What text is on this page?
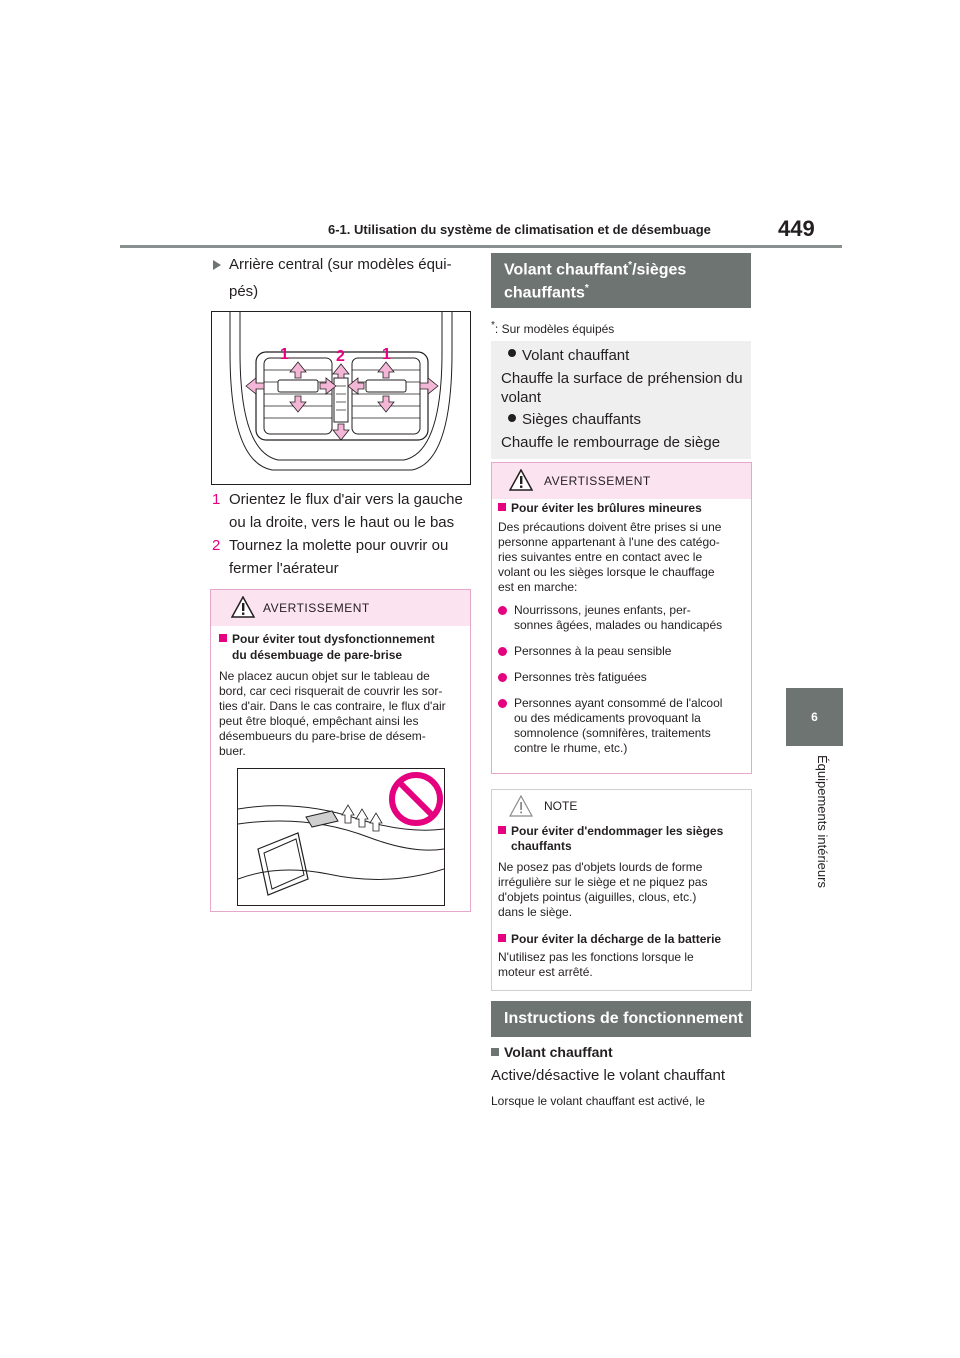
6-1. Utilisation du système de climatisation et de désembuage	449
6
Équipements intérieurs
Arrière central (sur modèles équi-
pés)
1	2 1
1 Orientez le flux d'air vers la gauche
ou la droite, vers le haut ou le bas
2 Tournez la molette pour ouvrir ou
fermer l'aérateur
AVERTISSEMENT
Pour éviter tout dysfonctionnement
du désembuage de pare-brise
Ne placez aucun objet sur le tableau de
bord, car ceci risquerait de couvrir les sor-
ties d'air. Dans le cas contraire, le flux d'air
peut être bloqué, empêchant ainsi les
désembueurs du pare-brise de désem-
buer.
Volant chauffant*/sièges
chauffants*
*: Sur modèles équipés
Volant chauffant
Chauffe la surface de préhension du
volant
Sièges chauffants
Chauffe le rembourrage de siège
AVERTISSEMENT
Pour éviter les brûlures mineures
Des précautions doivent être prises si une
personne appartenant à l'une des catégo-
ries suivantes entre en contact avec le
volant ou les sièges lorsque le chauffage
est en marche:
Nourrissons, jeunes enfants, per-
sonnes âgées, malades ou handicapés
Personnes à la peau sensible
Personnes très fatiguées
Personnes ayant consommé de l'alcool
ou des médicaments provoquant la
somnolence (somnifères, traitements
contre le rhume, etc.)
NOTE
Pour éviter d'endommager les sièges
chauffants
Ne posez pas d'objets lourds de forme
irrégulière sur le siège et ne piquez pas
d'objets pointus (aiguilles, clous, etc.)
dans le siège.
Pour éviter la décharge de la batterie
N'utilisez pas les fonctions lorsque le
moteur est arrêté.
Instructions de fonctionnement
Volant chauffant
Active/désactive le volant chauffant
Lorsque le volant chauffant est activé, le
